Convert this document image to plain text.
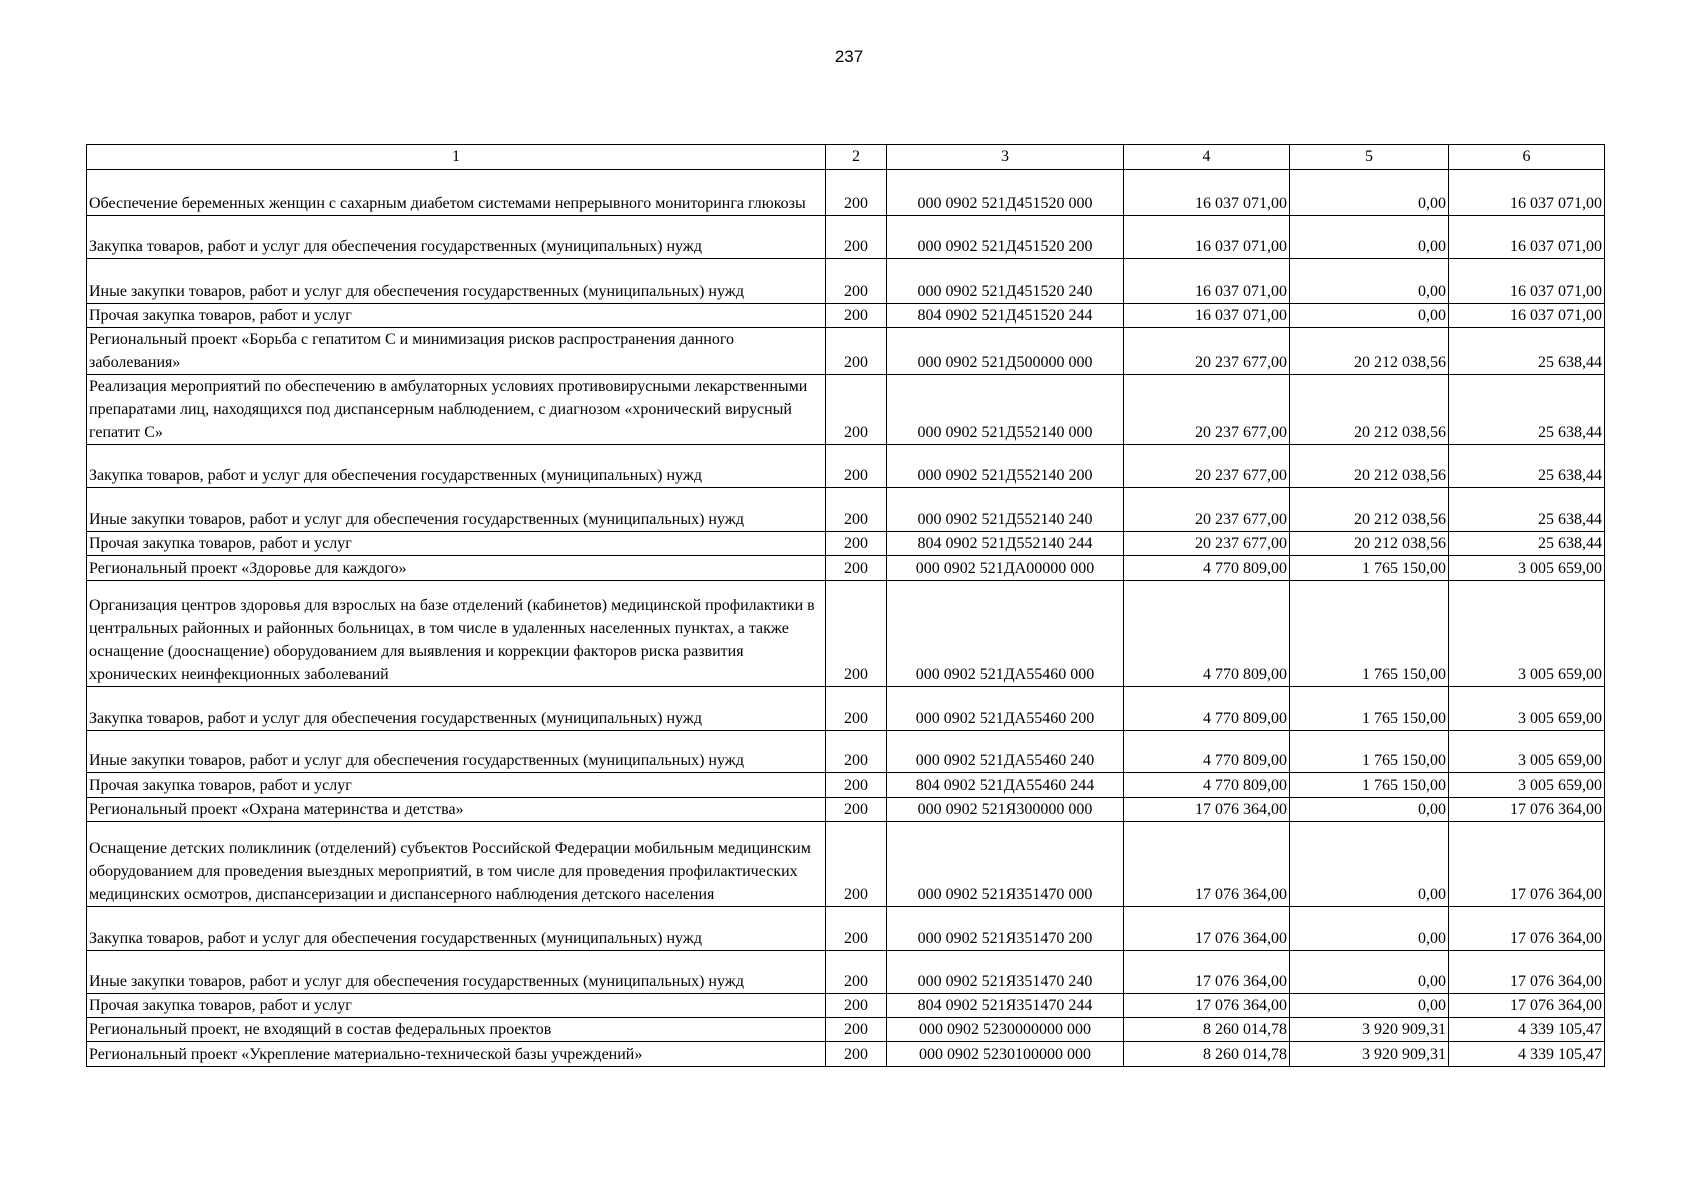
237
1	2	3	4	5	6
Обеспечение беременных женщин с сахарным диабетом системами непрерывного мониторинга глюкозы	200	000 0902 521Д451520 000	16 037 071,00	0,00	16 037 071,00
Закупка товаров, работ и услуг для обеспечения государственных (муниципальных) нужд	200	000 0902 521Д451520 200	16 037 071,00	0,00	16 037 071,00
Иные закупки товаров, работ и услуг для обеспечения государственных (муниципальных) нужд	200	000 0902 521Д451520 240	16 037 071,00	0,00	16 037 071,00
Прочая закупка товаров, работ и услуг	200	804 0902 521Д451520 244	16 037 071,00	0,00	16 037 071,00
Региональный проект «Борьба с гепатитом С и минимизация рисков распространения данного заболевания»	200	000 0902 521Д500000 000	20 237 677,00	20 212 038,56	25 638,44
Реализация мероприятий по обеспечению в амбулаторных условиях противовирусными лекарственными препаратами лиц, находящихся под диспансерным наблюдением, с диагнозом «хронический вирусный гепатит С»	200	000 0902 521Д552140 000	20 237 677,00	20 212 038,56	25 638,44
Закупка товаров, работ и услуг для обеспечения государственных (муниципальных) нужд	200	000 0902 521Д552140 200	20 237 677,00	20 212 038,56	25 638,44
Иные закупки товаров, работ и услуг для обеспечения государственных (муниципальных) нужд	200	000 0902 521Д552140 240	20 237 677,00	20 212 038,56	25 638,44
Прочая закупка товаров, работ и услуг	200	804 0902 521Д552140 244	20 237 677,00	20 212 038,56	25 638,44
Региональный проект «Здоровье для каждого»	200	000 0902 521ДА00000 000	4 770 809,00	1 765 150,00	3 005 659,00
Организация центров здоровья для взрослых на базе отделений (кабинетов) медицинской профилактики в центральных районных и районных больницах, в том числе в удаленных населенных пунктах, а также оснащение (дооснащение) оборудованием для выявления и коррекции факторов риска развития хронических неинфекционных заболеваний	200	000 0902 521ДА55460 000	4 770 809,00	1 765 150,00	3 005 659,00
Закупка товаров, работ и услуг для обеспечения государственных (муниципальных) нужд	200	000 0902 521ДА55460 200	4 770 809,00	1 765 150,00	3 005 659,00
Иные закупки товаров, работ и услуг для обеспечения государственных (муниципальных) нужд	200	000 0902 521ДА55460 240	4 770 809,00	1 765 150,00	3 005 659,00
Прочая закупка товаров, работ и услуг	200	804 0902 521ДА55460 244	4 770 809,00	1 765 150,00	3 005 659,00
Региональный проект «Охрана материнства и детства»	200	000 0902 521Я300000 000	17 076 364,00	0,00	17 076 364,00
Оснащение детских поликлиник (отделений) субъектов Российской Федерации мобильным медицинским оборудованием для проведения выездных мероприятий, в том числе для проведения профилактических медицинских осмотров, диспансеризации и диспансерного наблюдения детского населения	200	000 0902 521Я351470 000	17 076 364,00	0,00	17 076 364,00
Закупка товаров, работ и услуг для обеспечения государственных (муниципальных) нужд	200	000 0902 521Я351470 200	17 076 364,00	0,00	17 076 364,00
Иные закупки товаров, работ и услуг для обеспечения государственных (муниципальных) нужд	200	000 0902 521Я351470 240	17 076 364,00	0,00	17 076 364,00
Прочая закупка товаров, работ и услуг	200	804 0902 521Я351470 244	17 076 364,00	0,00	17 076 364,00
Региональный проект, не входящий в состав федеральных проектов	200	000 0902 5230000000 000	8 260 014,78	3 920 909,31	4 339 105,47
Региональный проект «Укрепление материально-технической базы учреждений»	200	000 0902 5230100000 000	8 260 014,78	3 920 909,31	4 339 105,47
